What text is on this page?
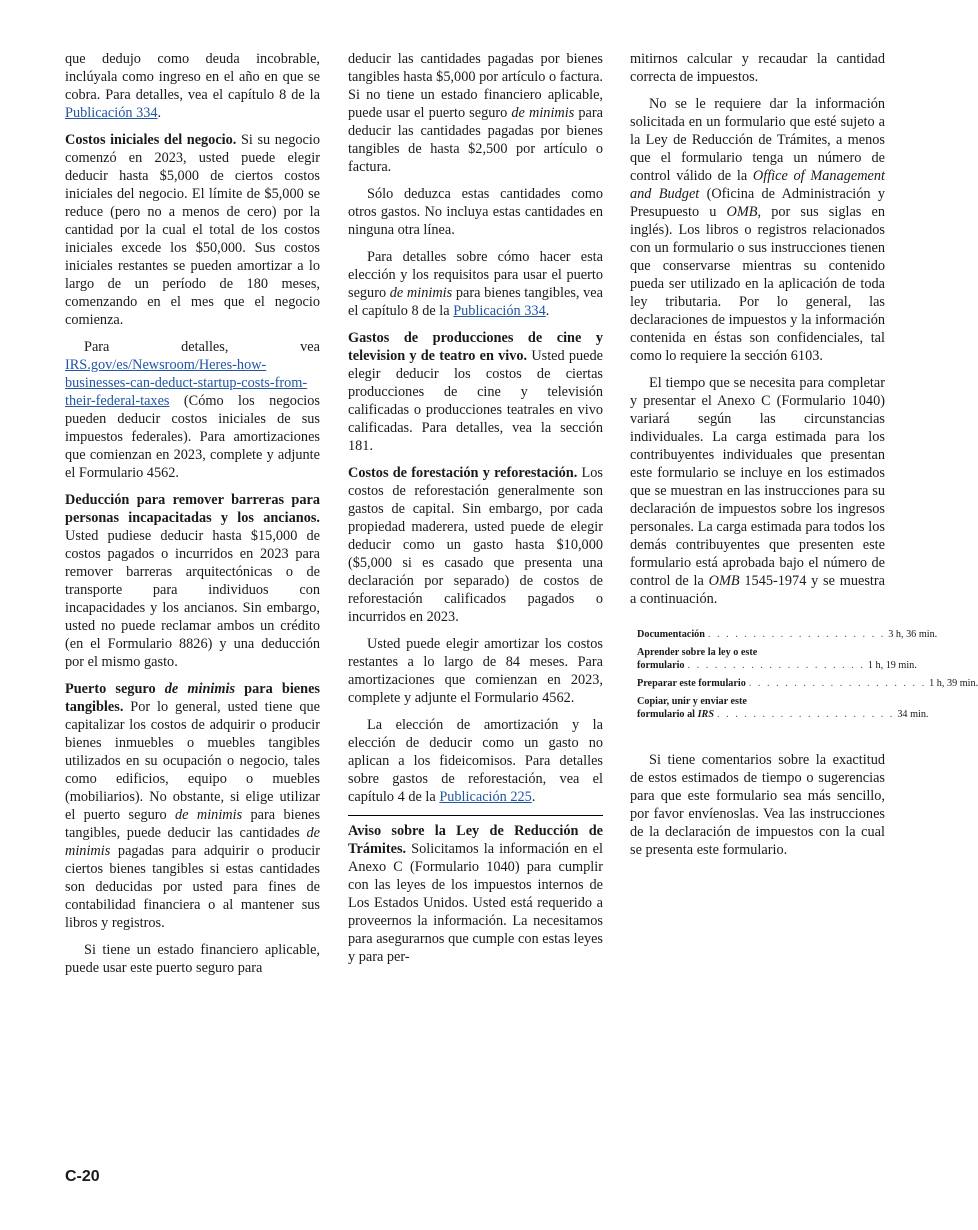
que dedujo como deuda incobrable, inclúyala como ingreso en el año en que se cobra. Para detalles, vea el capítulo 8 de la Publicación 334.

Costos iniciales del negocio. Si su negocio comenzó en 2023, usted puede elegir deducir hasta $5,000 de ciertos costos iniciales del negocio. El límite de $5,000 se reduce (pero no a menos de cero) por la cantidad por la cual el total de los costos iniciales excede los $50,000. Sus costos iniciales restantes se pueden amortizar a lo largo de un período de 180 meses, comenzando en el mes que el negocio comienza.

Para detalles, vea IRS.gov/es/Newsroom/Heres-how-businesses-can-deduct-startup-costs-from-their-federal-taxes (Cómo los negocios pueden deducir costos iniciales de sus impuestos federales). Para amortizaciones que comienzan en 2023, complete y adjunte el Formulario 4562.

Deducción para remover barreras para personas incapacitadas y los ancianos. Usted pudiese deducir hasta $15,000 de costos pagados o incurridos en 2023 para remover barreras arquitectónicas o de transporte para individuos con incapacidades y los ancianos. Sin embargo, usted no puede reclamar ambos un crédito (en el Formulario 8826) y una deducción por el mismo gasto.

Puerto seguro de minimis para bienes tangibles. Por lo general, usted tiene que capitalizar los costos de adquirir o producir bienes inmuebles o muebles tangibles utilizados en su ocupación o negocio, tales como edificios, equipo o muebles (mobiliarios). No obstante, si elige utilizar el puerto seguro de minimis para bienes tangibles, puede deducir las cantidades de minimis pagadas para adquirir o producir ciertos bienes tangibles si estas cantidades son deducidas por usted para fines de contabilidad financiera o al mantener sus libros y registros.

Si tiene un estado financiero aplicable, puede usar este puerto seguro para

deducir las cantidades pagadas por bienes tangibles hasta $5,000 por artículo o factura. Si no tiene un estado financiero aplicable, puede usar el puerto seguro de minimis para deducir las cantidades pagadas por bienes tangibles de hasta $2,500 por artículo o factura.

Sólo deduzca estas cantidades como otros gastos. No incluya estas cantidades en ninguna otra línea.

Para detalles sobre cómo hacer esta elección y los requisitos para usar el puerto seguro de minimis para bienes tangibles, vea el capítulo 8 de la Publicación 334.

Gastos de producciones de cine y television y de teatro en vivo. Usted puede elegir deducir los costos de ciertas producciones de cine y televisión calificadas o producciones teatrales en vivo calificadas. Para detalles, vea la sección 181.

Costos de forestación y reforestación. Los costos de reforestación generalmente son gastos de capital. Sin embargo, por cada propiedad maderera, usted puede de elegir deducir como un gasto hasta $10,000 ($5,000 si es casado que presenta una declaración por separado) de costos de reforestación calificados pagados o incurridos en 2023.

Usted puede elegir amortizar los costos restantes a lo largo de 84 meses. Para amortizaciones que comienzan en 2023, complete y adjunte el Formulario 4562.

La elección de amortización y la elección de deducir como un gasto no aplican a los fideicomisos. Para detalles sobre gastos de reforestación, vea el capítulo 4 de la Publicación 225.

Aviso sobre la Ley de Reducción de Trámites. Solicitamos la información en el Anexo C (Formulario 1040) para cumplir con las leyes de los impuestos internos de Los Estados Unidos. Usted está requerido a proveernos la información. La necesitamos para asegurarnos que cumple con estas leyes y para per-

mitirnos calcular y recaudar la cantidad correcta de impuestos.

No se le requiere dar la información solicitada en un formulario que esté sujeto a la Ley de Reducción de Trámites, a menos que el formulario tenga un número de control válido de la Office of Management and Budget (Oficina de Administración y Presupuesto u OMB, por sus siglas en inglés). Los libros o registros relacionados con un formulario o sus instrucciones tienen que conservarse mientras su contenido pueda ser utilizado en la aplicación de toda ley tributaria. Por lo general, las declaraciones de impuestos y la información contenida en éstas son confidenciales, tal como lo requiere la sección 6103.

El tiempo que se necesita para completar y presentar el Anexo C (Formulario 1040) variará según las circunstancias individuales. La carga estimada para los contribuyentes individuales que presentan este formulario se incluye en los estimados que se muestran en las instrucciones para su declaración de impuestos sobre los ingresos personales. La carga estimada para todos los demás contribuyentes que presenten este formulario está aprobada bajo el número de control de la OMB 1545-1974 y se muestra a continuación.

Documentación . . . . . . . . . . . . . . . . . . . . 3 h, 36 min.
Aprender sobre la ley o este
formulario . . . . . . . . . . . . . . . . . . . . 1 h, 19 min.
Preparar este formulario . . . . . . . . . . . . . . . . . . . . 1 h, 39 min.
Copiar, unir y enviar este
formulario al IRS . . . . . . . . . . . . . . . . . . . . 34 min.

Si tiene comentarios sobre la exactitud de estos estimados de tiempo o sugerencias para que este formulario sea más sencillo, por favor envíenoslas. Vea las instrucciones de la declaración de impuestos con la cual se presenta este formulario.

C-20
